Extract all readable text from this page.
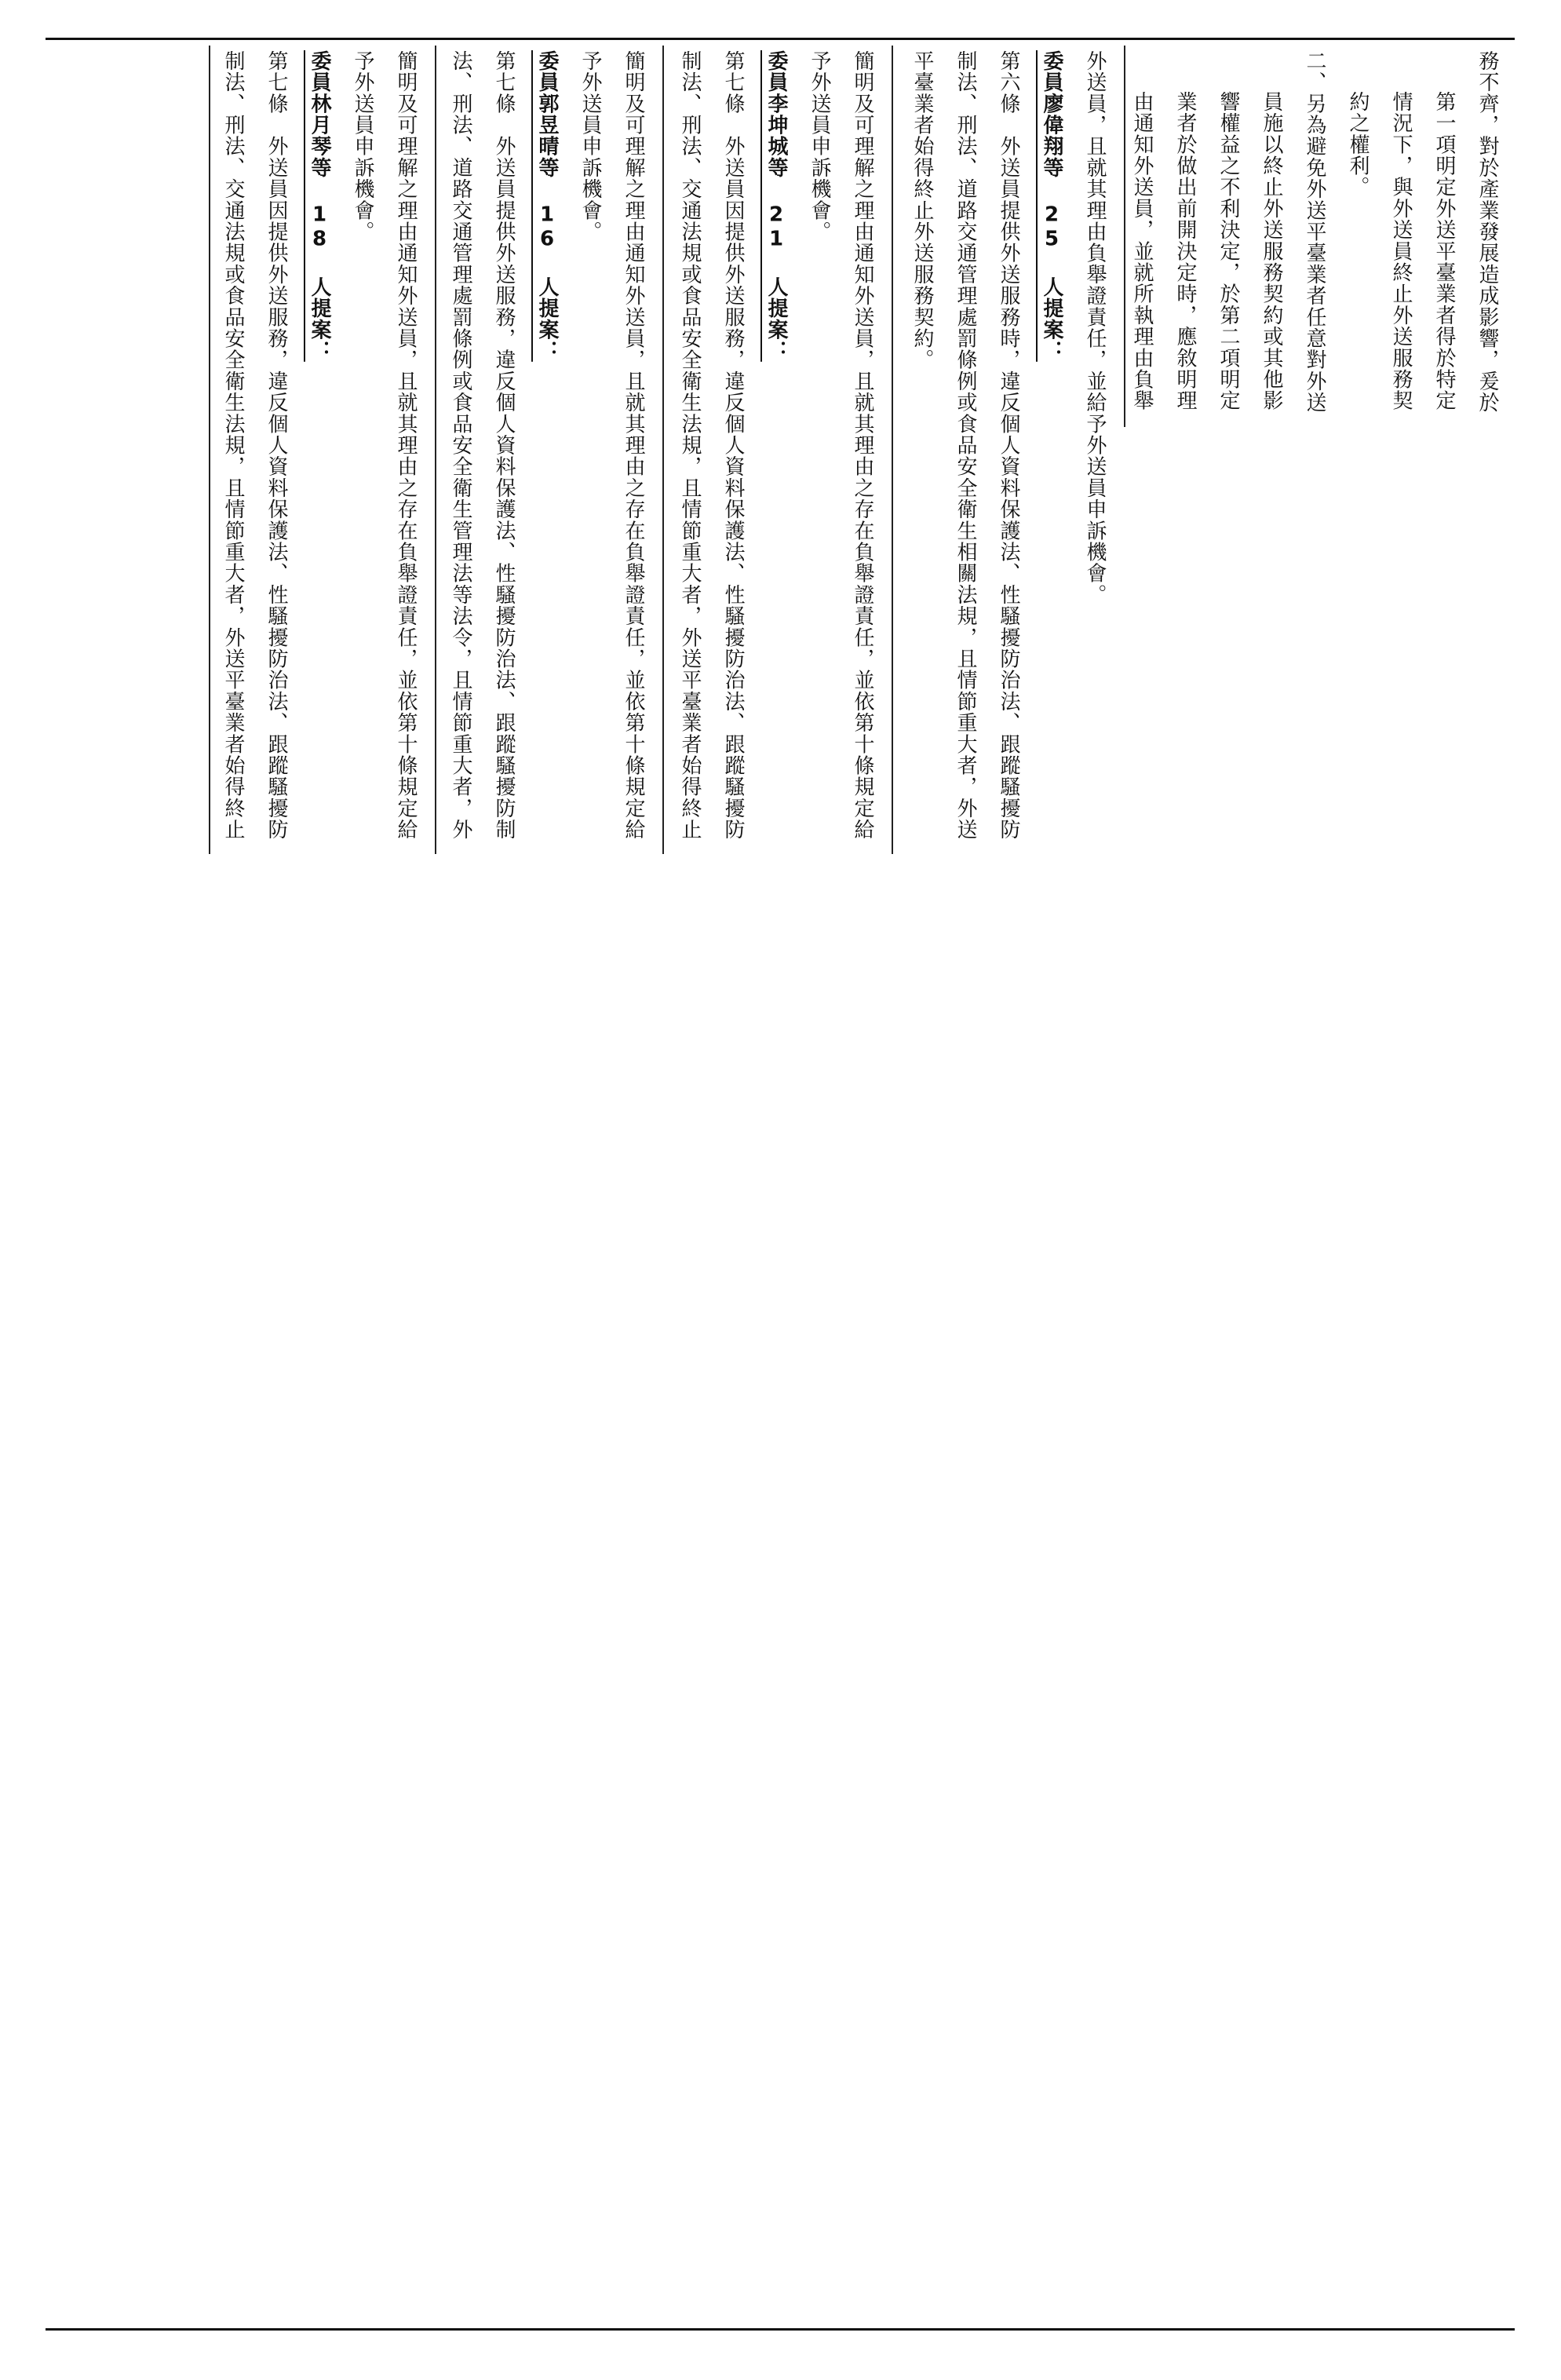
務不齊，對於產業發展造成影響，爰於第一項明定外送平臺業者得於特定情況下，與外送員終止外送服務契約之權利。

二、另為避免外送平臺業者任意對外送員施以終止外送服務契約或其他影響權益之不利決定，於第二項明定業者於做出前開決定時，應敘明理由通知外送員，並就所執理由負舉

外送員，且就其理由負舉證責任，並給予外送員申訴機會。

委員廖偉翔等 25 人提案：

第六條　外送員提供外送服務時，違反個人資料保護法、性騷擾防治法、跟蹤騷擾防制法、刑法、道路交通管理處罰條例或食品安全衛生相關法規，且情節重大者，外送平臺業者始得終止外送服務契約。

簡明及可理解之理由通知外送員，且就其理由之存在負舉證責任，並依第十條規定給予外送員申訴機會。

委員李坤城等 21 人提案：

第七條　外送員因提供外送服務，違反個人資料保護法、性騷擾防治法、跟蹤騷擾防制法、刑法、交通法規或食品安全衛生法規，且情節重大者，外送平臺業者始得終止

簡明及可理解之理由通知外送員，且就其理由之存在負舉證責任，並依第十條規定給予外送員申訴機會。

委員郭昱晴等 16 人提案：

第七條　外送員提供外送服務，違反個人資料保護法、性騷擾防治法、跟蹤騷擾防制法、刑法、道路交通管理處罰條例或食品安全衛生管理法等法令，且情節重大者，外

簡明及可理解之理由通知外送員，且就其理由之存在負舉證責任，並依第十條規定給予外送員申訴機會。

委員林月琴等 18 人提案：

第七條　外送員因提供外送服務，違反個人資料保護法、性騷擾防治法、跟蹤騷擾防制法、刑法、交通法規或食品安全衛生法規，且情節重大者，外送平臺業者始得終止
